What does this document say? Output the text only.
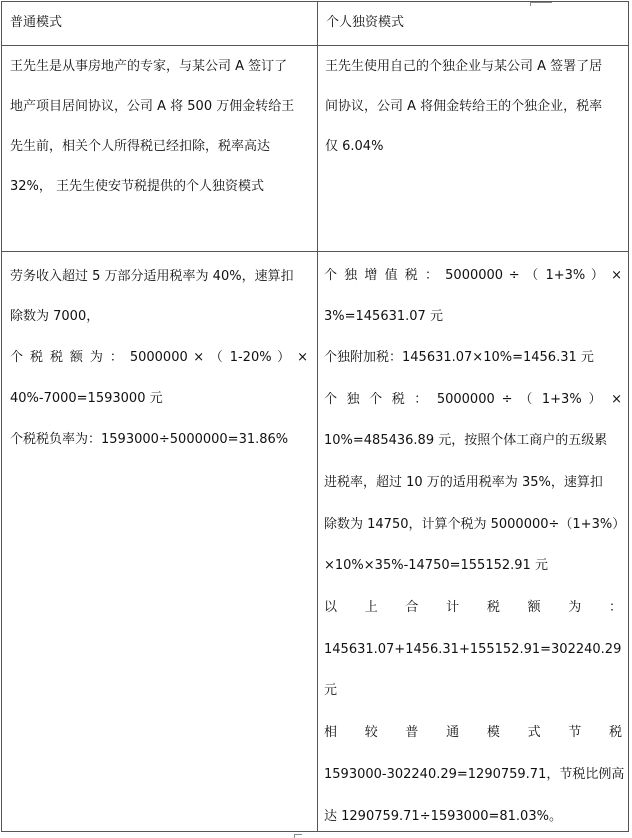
普通模式	个人独资模式
王先生是从事房地产的专家，与某公司 A 签订了
地产项目居间协议，公司 A 将 500 万佣金转给王
先生前，相关个人所得税已经扣除，税率高达
32%， 王先生使安节税提供的个人独资模式
王先生使用自己的个独企业与某公司 A 签署了居
间协议，公司 A 将佣金转给王的个独企业，税率
仅 6.04%
劳务收入超过 5 万部分适用税率为 40%，速算扣
除数为 7000，
个 税 税 额 为 ： 5000000 × （ 1-20% ） ×
40%-7000=1593000 元
个税税负率为：1593000÷5000000=31.86%
个 独 增 值 税 ： 5000000 ÷ （ 1+3% ） ×
3%=145631.07 元
个独附加税：145631.07×10%=1456.31 元
个 独 个 税 ： 5000000 ÷ （ 1+3% ） ×
10%=485436.89 元，按照个体工商户的五级累
进税率，超过 10 万的适用税率为 35%，速算扣
除数为 14750，计算个税为 5000000÷（1+3%）
×10%×35%-14750=155152.91 元
以 上 合 计 税 额 为 ：
145631.07+1456.31+155152.91=302240.29
元
相 较 普 通 模 式 节 税
1593000-302240.29=1290759.71，节税比例高
达 1290759.71÷1593000=81.03%。
